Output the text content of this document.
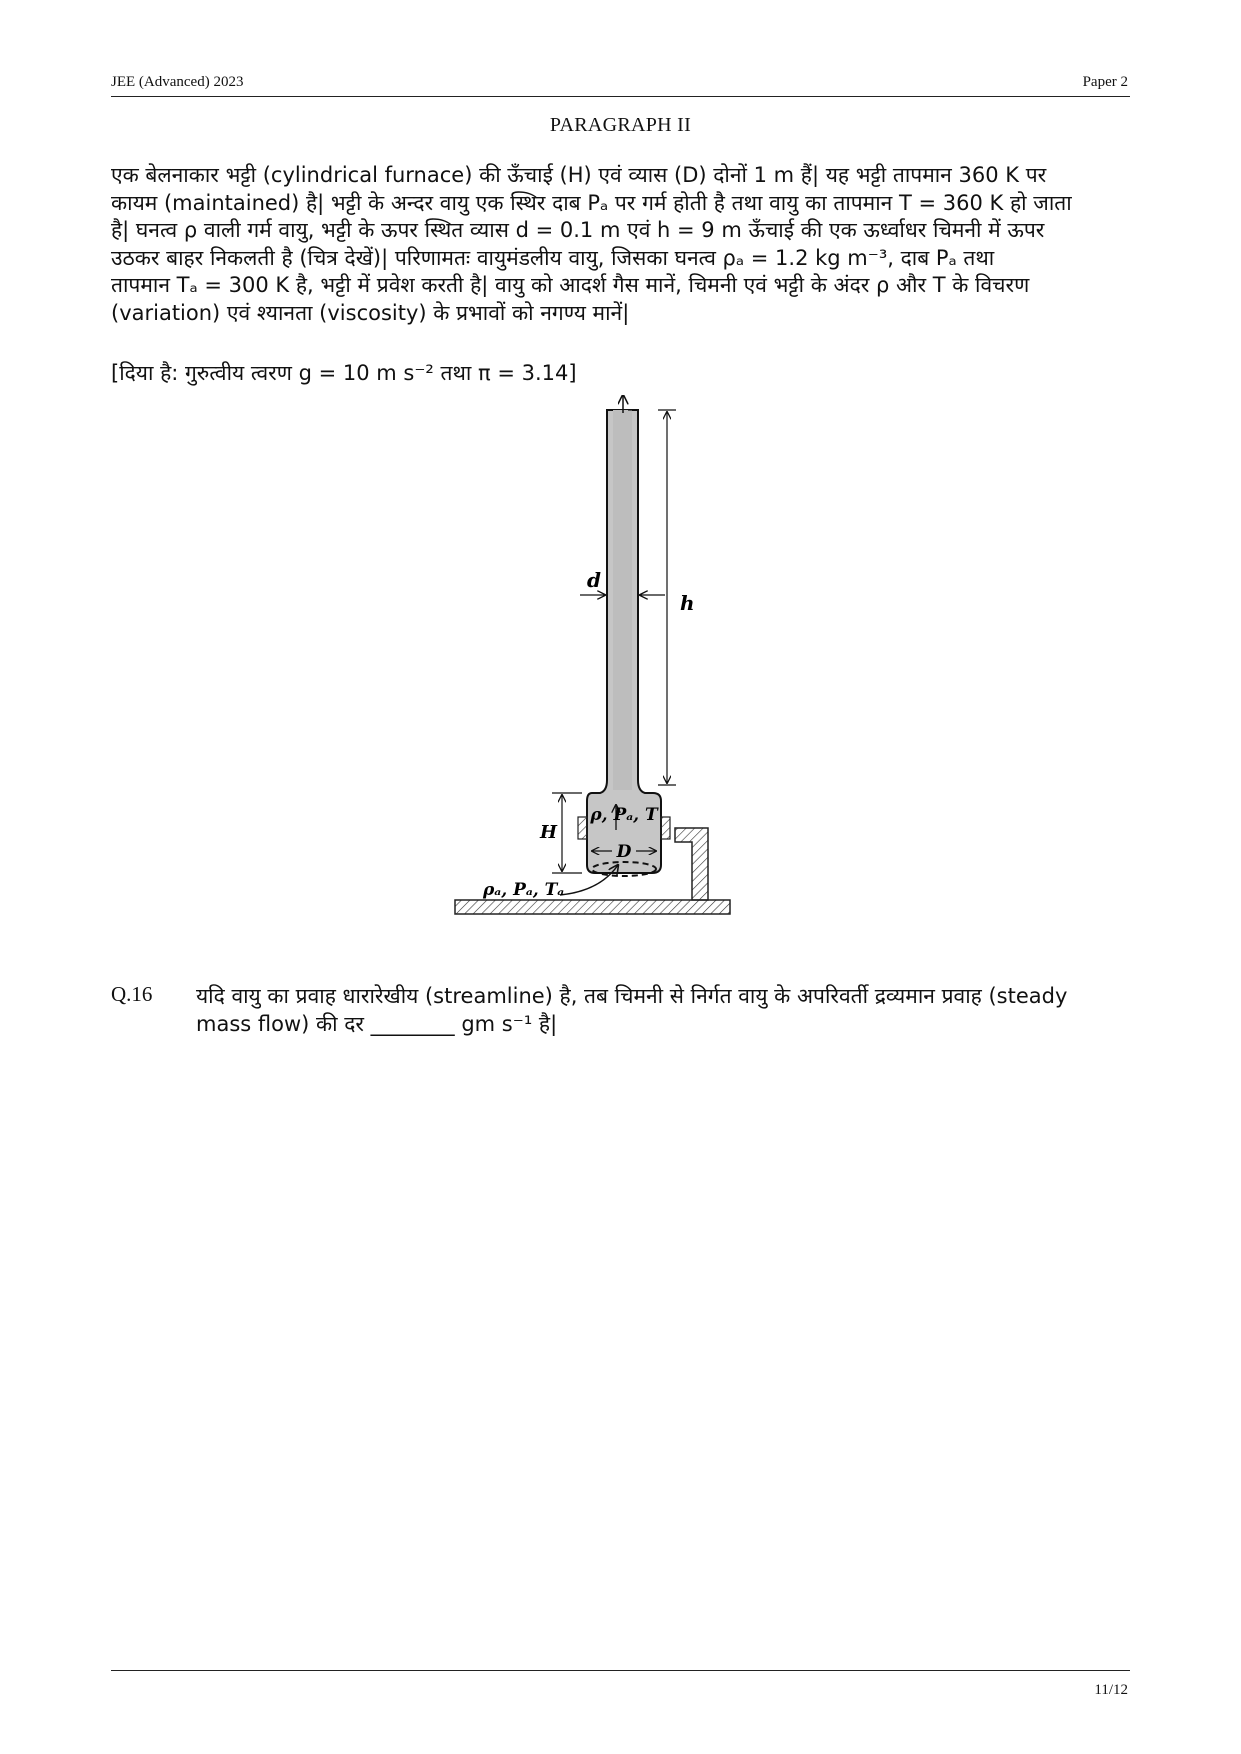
JEE (Advanced) 2023	Paper 2
PARAGRAPH II
एक बेलनाकार भट्टी (cylindrical furnace) की ऊँचाई (H) एवं व्यास (D) दोनों 1 m हैं| यह भट्टी तापमान 360 K पर
कायम (maintained) है| भट्टी के अन्दर वायु एक स्थिर दाब Pₐ पर गर्म होती है तथा वायु का तापमान T = 360 K हो जाता
है| घनत्व ρ वाली गर्म वायु, भट्टी के ऊपर स्थित व्यास d = 0.1 m एवं h = 9 m ऊँचाई की एक ऊर्ध्वाधर चिमनी में ऊपर
उठकर बाहर निकलती है (चित्र देखें)| परिणामतः वायुमंडलीय वायु, जिसका घनत्व ρₐ = 1.2 kg m⁻³, दाब Pₐ तथा
तापमान Tₐ = 300 K है, भट्टी में प्रवेश करती है| वायु को आदर्श गैस मानें, चिमनी एवं भट्टी के अंदर ρ और T के विचरण
(variation) एवं श्यानता (viscosity) के प्रभावों को नगण्य मानें|
[दिया है: गुरुत्वीय त्वरण g = 10 m s⁻² तथा π = 3.14]
h
d
H
D
ρ, Pₐ, T
ρₐ, Pₐ, Tₐ
Q.16 यदि वायु का प्रवाह धारारेखीय (streamline) है, तब चिमनी से निर्गत वायु के अपरिवर्ती द्रव्यमान प्रवाह (steady
mass flow) की दर ________ gm s⁻¹ है|
11/12
